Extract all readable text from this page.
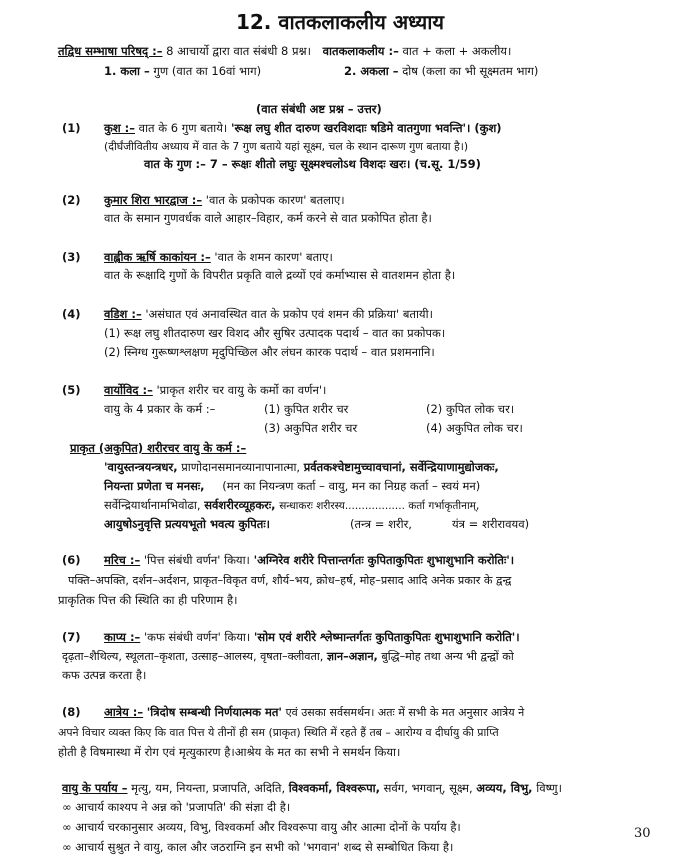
12. वातकलाकलीय अध्याय
तद्विध सम्भाषा परिषद् :– 8 आचार्यो द्वारा वात संबंधी 8 प्रश्न। वातकलाकलीय :– वात + कला + अकलीय।
1. कला – गुण (वात का 16वां भाग)	2. अकला – दोष (कला का भी सूक्ष्मतम भाग)
(वात संबंधी अष्ट प्रश्न – उत्तर)
(1) कुश :– वात के 6 गुण बताये। 'रूक्ष लघु शीत दारुण खरविशदाः षडिमे वातगुणा भवन्ति'। (कुश)
(दीर्घंजीवितीय अध्याय में वात के 7 गुण बताये यहां सूक्ष्म, चल के स्थान दारूण गुण बताया है।)
वात के गुण :– 7 – रूक्षः शीतो लघुः सूक्ष्मश्चलोऽथ विशदः खरः। (च.सू. 1/59)
(2) कुमार शिरा भारद्वाज :– 'वात के प्रकोपक कारण' बतलाए।
वात के समान गुणवर्धक वाले आहार–विहार, कर्म करने से वात प्रकोपित होता है।
(3) वाह्लीक ऋर्षि काकांयन :– 'वात के शमन कारण' बताए।
वात के रूक्षादि गुणों के विपरीत प्रकृति वाले द्रव्यों एवं कर्माभ्यास से वातशमन होता है।
(4) वडिश :– 'असंघात एवं अनावस्थित वात के प्रकोप एवं शमन की प्रक्रिया' बतायी।
(1) रूक्ष लघु शीतदारुण खर विशद और सुषिर उत्पादक पदार्थ – वात का प्रकोपक।
(2) स्निग्ध गुरूष्णश्लक्षण मृदुपिच्छिल और लंघन कारक पदार्थ – वात प्रशमनानि।
(5) वार्योविद :– 'प्राकृत शरीर चर वायु के कर्मो का वर्णन'।
वायु के 4 प्रकार के कर्म :–	(1) कुपित शरीर चर	(2) कुपित लोक चर।
(3) अकुपित शरीर चर	(4) अकुपित लोक चर।
प्राकृत (अकुपित) शरीरचर वायु के कर्म :–
'वायुस्तन्त्रयन्त्रधर, प्राणोदानसमानव्यानापानात्मा, प्रर्वतकश्चेष्टामुच्चावचानां, सर्वेन्द्रियाणामुद्योजकः,
नियन्ता प्रणेता च मनसः, (मन का नियन्त्रण कर्ता – वायु, मन का निग्रह कर्ता – स्वयं मन)
सर्वेन्द्रियार्थानामभिवोढा, सर्वशरीरव्यूहकरः, सन्धाकरः शरीरस्य.................. कर्ता गर्भाकृतीनाम्,
आयुषोऽनुवृत्ति प्रत्ययभूतो भवत्य कुपितः।	(तन्त्र = शरीर,	यंत्र = शरीरावयव)
(6) मरिच :– 'पित्त संबंधी वर्णन' किया। 'अग्निरेव शरीरे पित्तान्तर्गतः कुपिताकुपितः शुभाशुभानि करोतिः'।
पक्ति–अपक्ति, दर्शन–अर्दशन, प्राकृत–विकृत वर्ण, शौर्य–भय, क्रोध–हर्ष, मोह–प्रसाद आदि अनेक प्रकार के द्वन्द्व
प्राकृतिक पित्त की स्थिति का ही परिणाम है।
(7) काप्य :– 'कफ संबंधी वर्णन' किया। 'सोम एवं शरीरे श्लेष्मान्तर्गतः कुपिताकुपितः शुभाशुभानि करोति'।
दृढ़ता–शैथिल्य, स्थूलता–कृशता, उत्साह–आलस्य, वृषता–क्लीवता, ज्ञान–अज्ञान, बुद्धि–मोह तथा अन्य भी द्वन्द्वों को
कफ उत्पन्न करता है।
(8) आत्रेय :– 'त्रिदोष सम्बन्धी निर्णयात्मक मत' एवं उसका सर्वसमर्थन। अतः में सभी के मत अनुसार आत्रेय ने
अपने विचार व्यक्त किए कि वात पित्त ये तीनों ही सम (प्राकृत) स्थिति में रहते हैं तब – आरोग्य व दीर्घायु की प्राप्ति
होती है विषमास्था में रोग एवं मृत्युकारण है।आश्रेय के मत का सभी ने समर्थन किया।
वायु के पर्याय – मृत्यु, यम, नियन्ता, प्रजापति, अदिति, विश्वकर्मा, विश्वरूपा, सर्वग, भगवान्, सूक्ष्म, अव्यय, विभु, विष्णु।
∞ आचार्य काश्यप ने अन्न को 'प्रजापति' की संज्ञा दी है।
∞ आचार्य चरकानुसार अव्यय, विभु, विश्वकर्मा और विश्वरूपा वायु और आत्मा दोनों के पर्याय है।
∞ आचार्य सुश्रुत ने वायु, काल और जठराग्नि इन सभी को 'भगवान' शब्द से सम्बोधित किया है।
30
